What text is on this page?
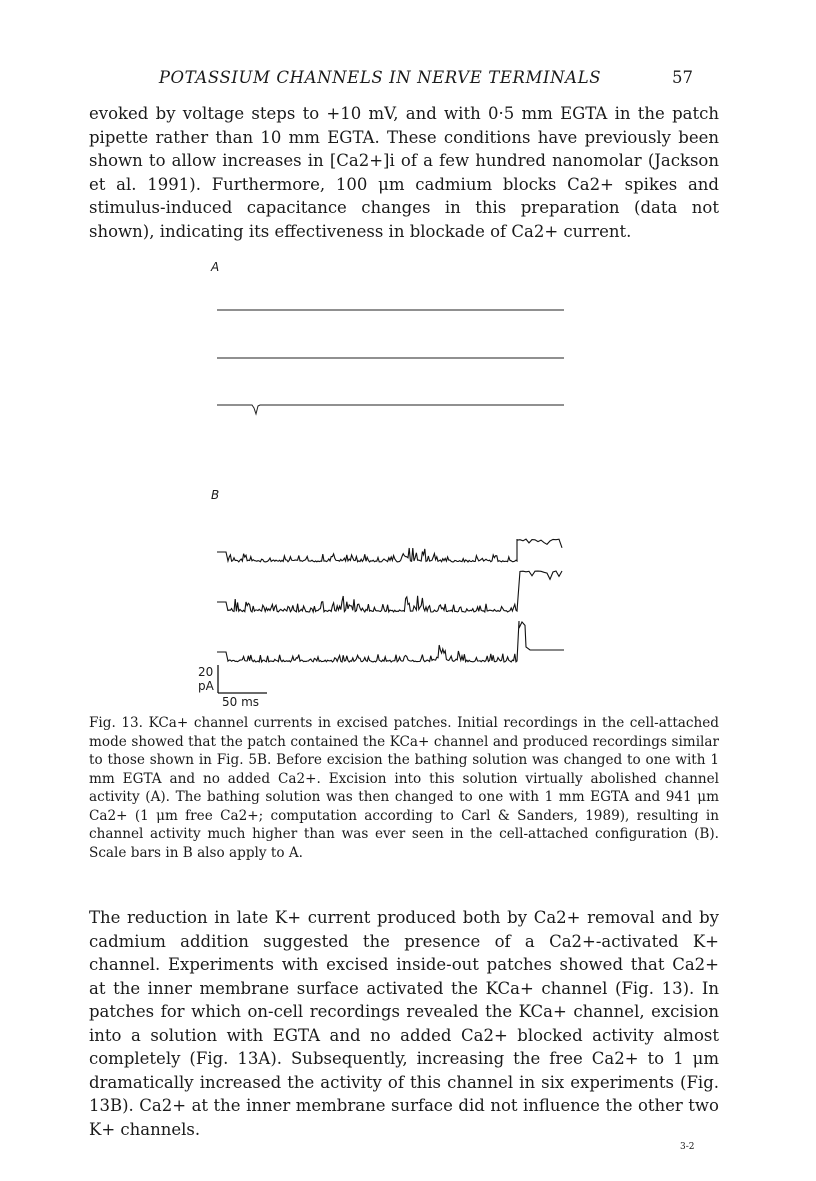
POTASSIUM CHANNELS IN NERVE TERMINALS	57

evoked by voltage steps to +10 mV, and with 0·5 mm EGTA in the patch pipette rather than 10 mm EGTA. These conditions have previously been shown to allow increases in [Ca2+]i of a few hundred nanomolar (Jackson et al. 1991). Furthermore, 100 μm cadmium blocks Ca2+ spikes and stimulus-induced capacitance changes in this preparation (data not shown), indicating its effectiveness in blockade of Ca2+ current.

A
B
20
pA
50 ms

Fig. 13. KCa+ channel currents in excised patches. Initial recordings in the cell-attached mode showed that the patch contained the KCa+ channel and produced recordings similar to those shown in Fig. 5B. Before excision the bathing solution was changed to one with 1 mm EGTA and no added Ca2+. Excision into this solution virtually abolished channel activity (A). The bathing solution was then changed to one with 1 mm EGTA and 941 μm Ca2+ (1 μm free Ca2+; computation according to Carl & Sanders, 1989), resulting in channel activity much higher than was ever seen in the cell-attached configuration (B). Scale bars in B also apply to A.

The reduction in late K+ current produced both by Ca2+ removal and by cadmium addition suggested the presence of a Ca2+-activated K+ channel. Experiments with excised inside-out patches showed that Ca2+ at the inner membrane surface activated the KCa+ channel (Fig. 13). In patches for which on-cell recordings revealed the KCa+ channel, excision into a solution with EGTA and no added Ca2+ blocked activity almost completely (Fig. 13A). Subsequently, increasing the free Ca2+ to 1 μm dramatically increased the activity of this channel in six experiments (Fig. 13B). Ca2+ at the inner membrane surface did not influence the other two K+ channels.

3-2
